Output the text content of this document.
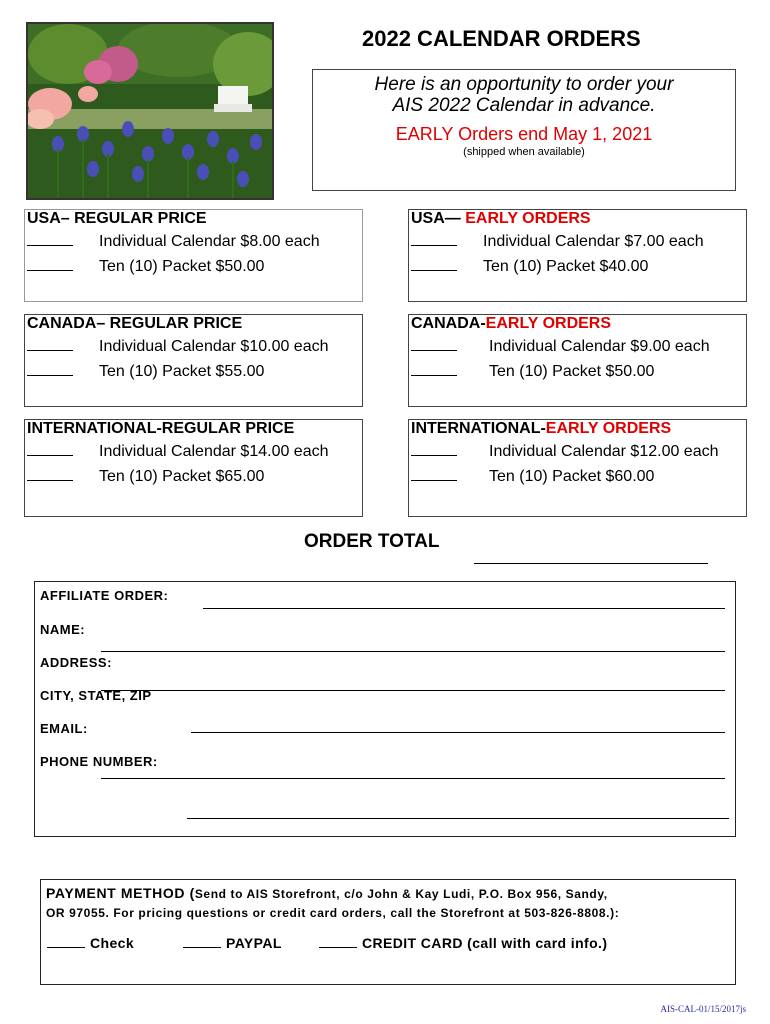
2022 CALENDAR ORDERS
Here is an opportunity to order your
AIS 2022 Calendar in advance.
EARLY Orders end May 1, 2021
(shipped when available)
USA– REGULAR PRICE
Individual Calendar $8.00 each
Ten (10) Packet $50.00
USA— EARLY ORDERS
Individual Calendar $7.00 each
Ten (10) Packet $40.00
CANADA– REGULAR PRICE
Individual Calendar $10.00 each
Ten (10) Packet $55.00
CANADA-EARLY ORDERS
Individual Calendar $9.00 each
Ten (10) Packet $50.00
INTERNATIONAL-REGULAR PRICE
Individual Calendar $14.00 each
Ten (10) Packet $65.00
INTERNATIONAL-EARLY ORDERS
Individual Calendar $12.00 each
Ten (10) Packet $60.00
ORDER TOTAL
AFFILIATE ORDER:
NAME:
ADDRESS:
CITY, STATE, ZIP
EMAIL:
PHONE NUMBER:
PAYMENT METHOD (Send to AIS Storefront, c/o John & Kay Ludi, P.O. Box 956, Sandy,
OR 97055. For pricing questions or credit card orders, call the Storefront at 503-826-8808.):
Check	PAYPAL	CREDIT CARD (call with card info.)
AIS-CAL-01/15/2017js
